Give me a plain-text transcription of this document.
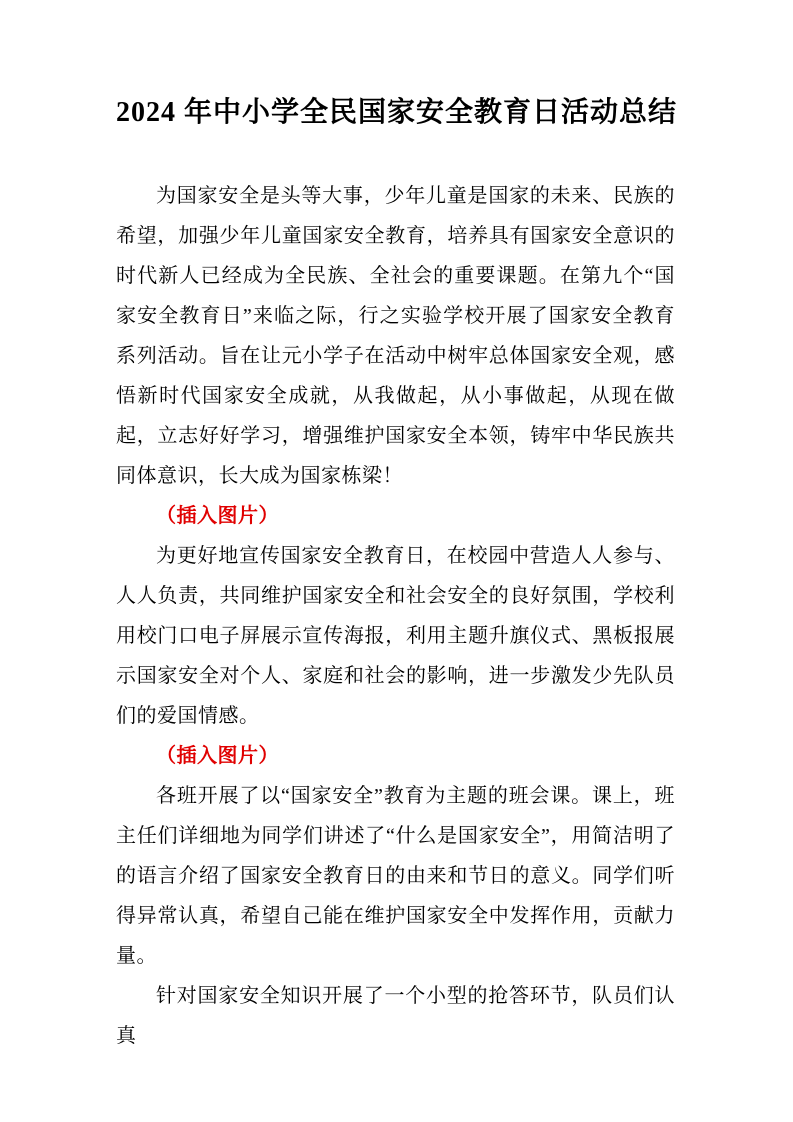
2024 年中小学全民国家安全教育日活动总结

为国家安全是头等大事，少年儿童是国家的未来、民族的希望，加强少年儿童国家安全教育，培养具有国家安全意识的时代新人已经成为全民族、全社会的重要课题。在第九个“国家安全教育日”来临之际，行之实验学校开展了国家安全教育系列活动。旨在让元小学子在活动中树牢总体国家安全观，感悟新时代国家安全成就，从我做起，从小事做起，从现在做起，立志好好学习，增强维护国家安全本领，铸牢中华民族共同体意识，长大成为国家栋梁！

（插入图片）

为更好地宣传国家安全教育日，在校园中营造人人参与、人人负责，共同维护国家安全和社会安全的良好氛围，学校利用校门口电子屏展示宣传海报，利用主题升旗仪式、黑板报展示国家安全对个人、家庭和社会的影响，进一步激发少先队员们的爱国情感。

（插入图片）

各班开展了以“国家安全”教育为主题的班会课。课上，班主任们详细地为同学们讲述了“什么是国家安全”，用简洁明了的语言介绍了国家安全教育日的由来和节日的意义。同学们听得异常认真，希望自己能在维护国家安全中发挥作用，贡献力量。

针对国家安全知识开展了一个小型的抢答环节，队员们认真
